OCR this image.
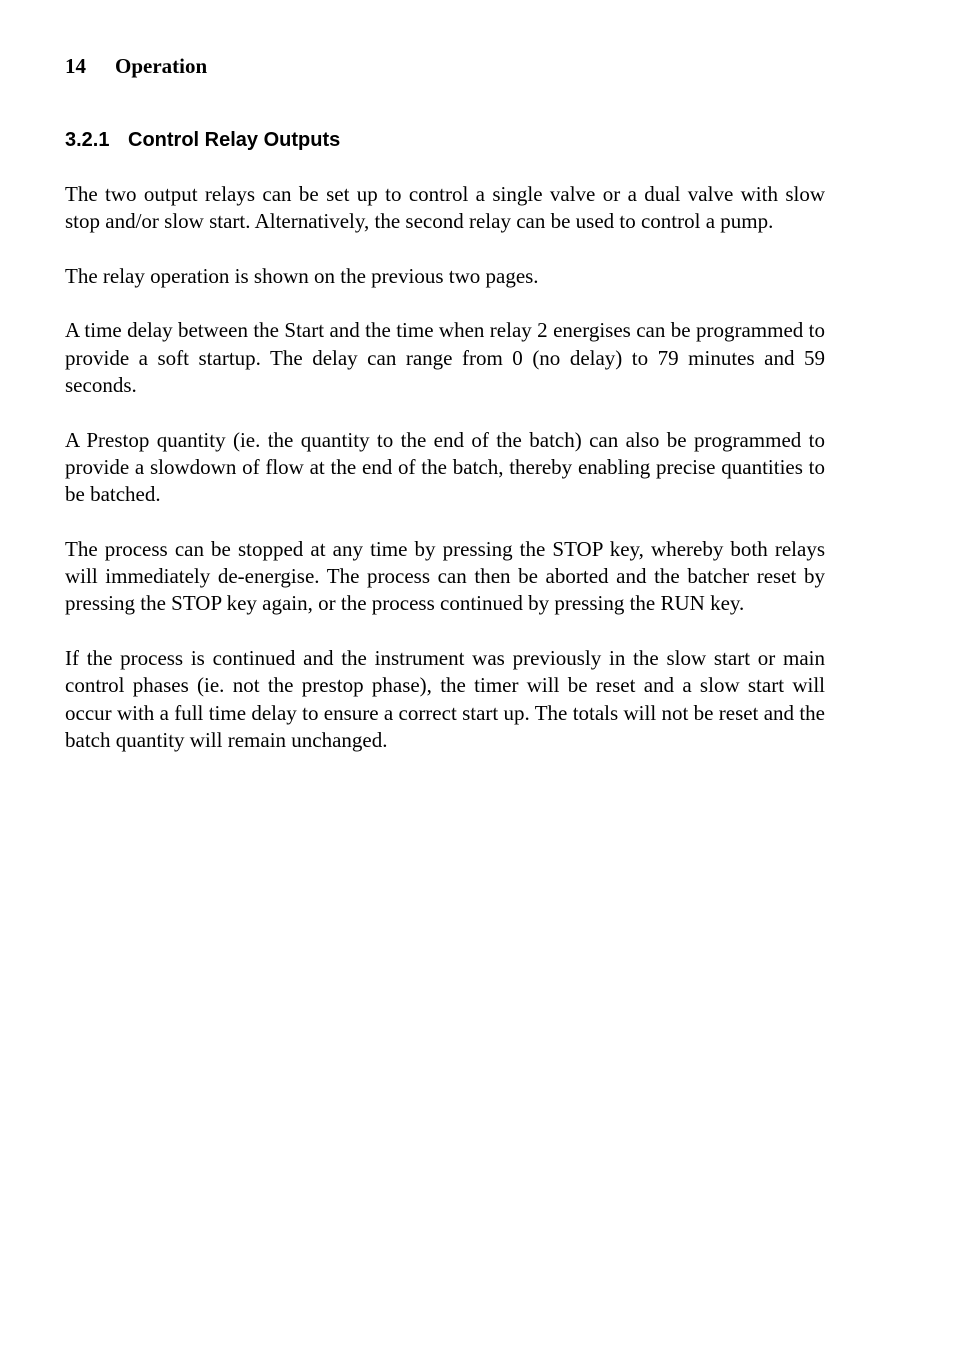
14 Operation
3.2.1 Control Relay Outputs

The two output relays can be set up to control a single valve or a dual valve with slow stop and/or slow start. Alternatively, the second relay can be used to control a pump.

The relay operation is shown on the previous two pages.

A time delay between the Start and the time when relay 2 energises can be programmed to provide a soft startup. The delay can range from 0 (no delay) to 79 minutes and 59 seconds.

A Prestop quantity (ie. the quantity to the end of the batch) can also be programmed to provide a slowdown of flow at the end of the batch, thereby enabling precise quantities to be batched.

The process can be stopped at any time by pressing the STOP key, whereby both relays will immediately de-energise. The process can then be aborted and the batcher reset by pressing the STOP key again, or the process continued by pressing the RUN key.

If the process is continued and the instrument was previously in the slow start or main control phases (ie. not the prestop phase), the timer will be reset and a slow start will occur with a full time delay to ensure a correct start up. The totals will not be reset and the batch quantity will remain unchanged.
